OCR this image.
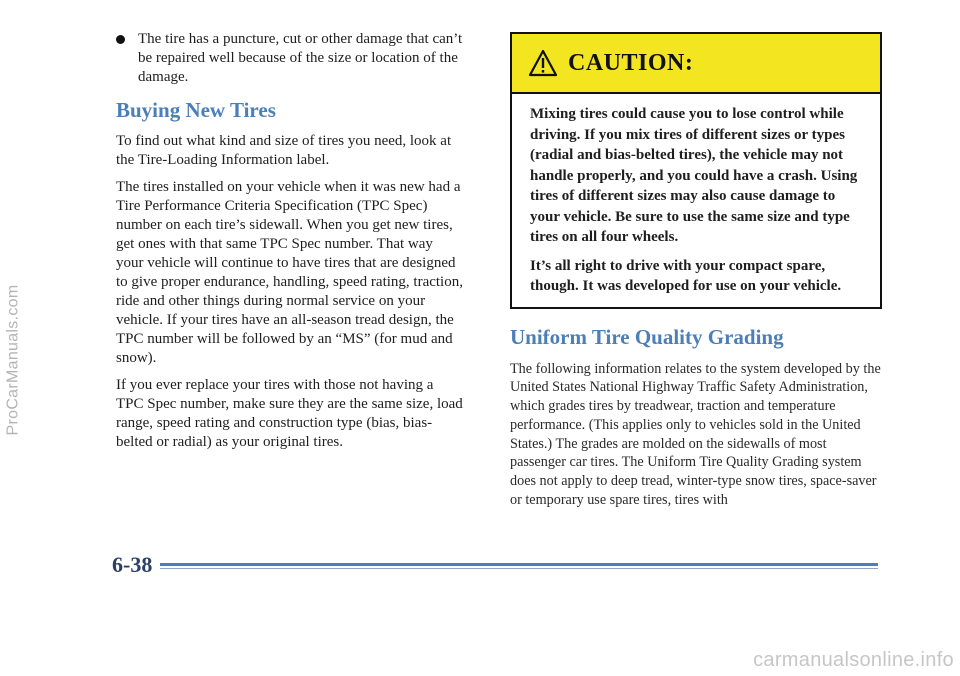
ProCarManuals.com
The tire has a puncture, cut or other damage that can’t be repaired well because of the size or location of the damage.
Buying New Tires

To find out what kind and size of tires you need, look at the Tire-Loading Information label.

The tires installed on your vehicle when it was new had a Tire Performance Criteria Specification (TPC Spec) number on each tire’s sidewall. When you get new tires, get ones with that same TPC Spec number. That way your vehicle will continue to have tires that are designed to give proper endurance, handling, speed rating, traction, ride and other things during normal service on your vehicle. If your tires have an all-season tread design, the TPC number will be followed by an “MS” (for mud and snow).

If you ever replace your tires with those not having a TPC Spec number, make sure they are the same size, load range, speed rating and construction type (bias, bias-belted or radial) as your original tires.

CAUTION:

Mixing tires could cause you to lose control while driving. If you mix tires of different sizes or types (radial and bias-belted tires), the vehicle may not handle properly, and you could have a crash. Using tires of different sizes may also cause damage to your vehicle. Be sure to use the same size and type tires on all four wheels.

It’s all right to drive with your compact spare, though. It was developed for use on your vehicle.

Uniform Tire Quality Grading

The following information relates to the system developed by the United States National Highway Traffic Safety Administration, which grades tires by treadwear, traction and temperature performance. (This applies only to vehicles sold in the United States.) The grades are molded on the sidewalls of most passenger car tires. The Uniform Tire Quality Grading system does not apply to deep tread, winter-type snow tires, space-saver or temporary use spare tires, tires with

6-38
carmanualsonline.info
